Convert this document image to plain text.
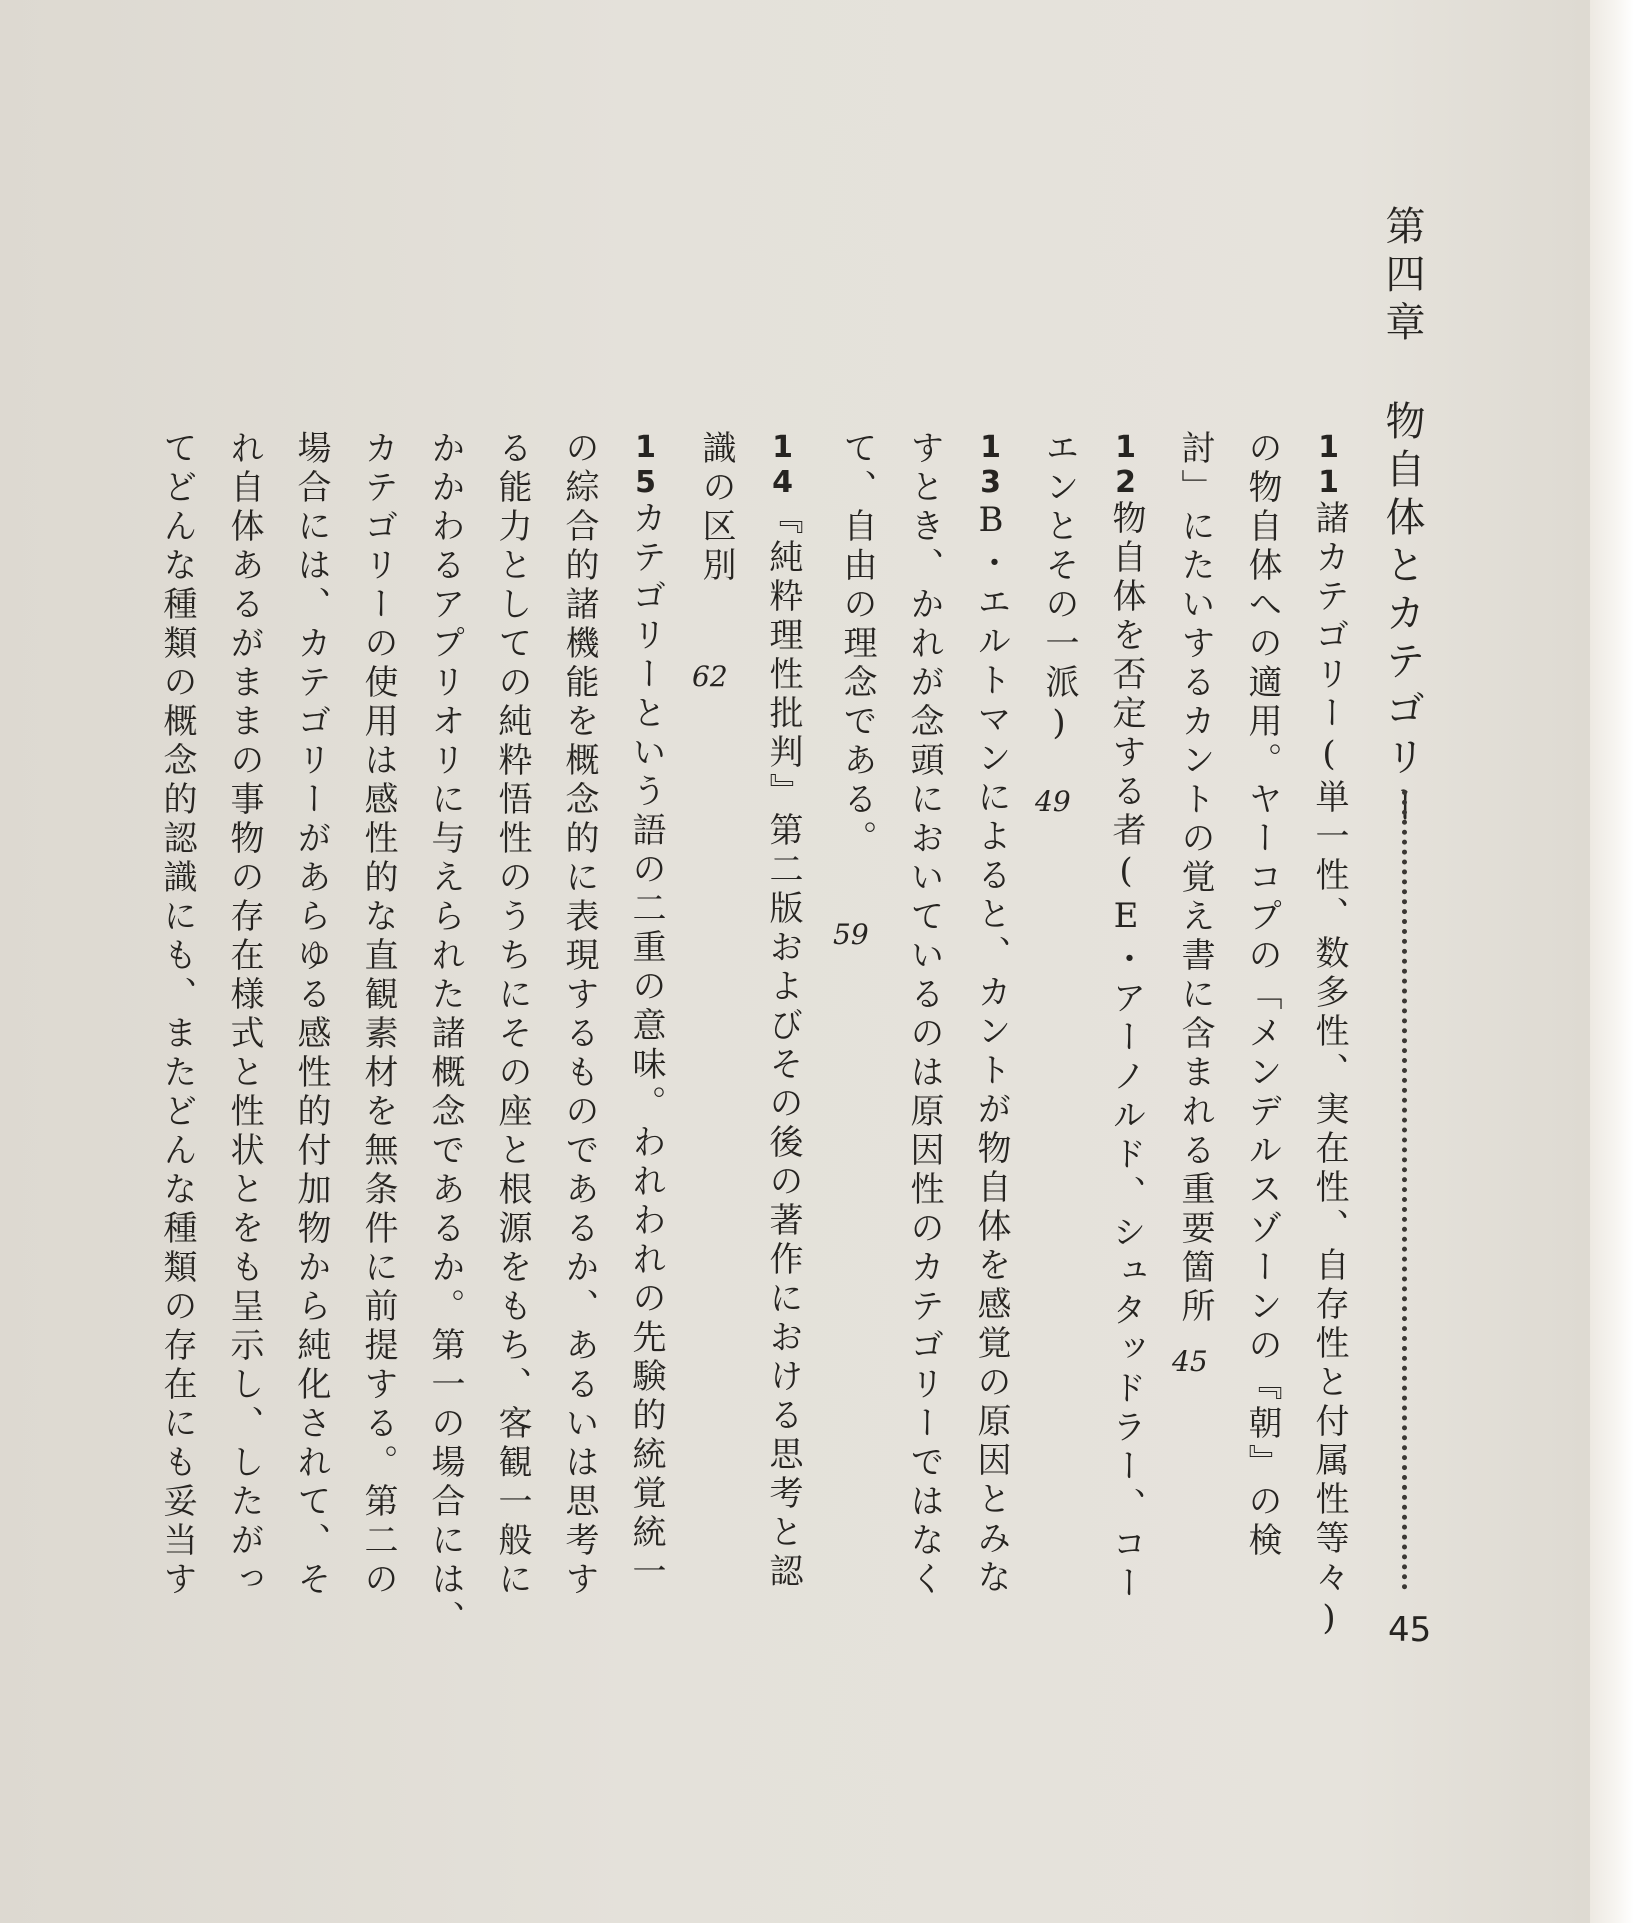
第四章
物自体とカテゴリー
45
11
諸カテゴリー(単一性、数多性、実在性、自存性と付属性等々)
の物自体への適用。ヤーコプの「メンデルスゾーンの『朝』の検
討」にたいするカントの覚え書に含まれる重要箇所
45
12
物自体を否定する者(E・アーノルド、シュタッドラー、コー
エンとその一派)
49
13
B・エルトマンによると、カントが物自体を感覚の原因とみな
すとき、かれが念頭においているのは原因性のカテゴリーではなく
て、自由の理念である。
59
14
『純粋理性批判』第二版およびその後の著作における思考と認
識の区別
62
15
カテゴリーという語の二重の意味。われわれの先験的統覚統一
の綜合的諸機能を概念的に表現するものであるか、あるいは思考す
る能力としての純粋悟性のうちにその座と根源をもち、客観一般に
かかわるアプリオリに与えられた諸概念であるか。第一の場合には、
カテゴリーの使用は感性的な直観素材を無条件に前提する。第二の
場合には、カテゴリーがあらゆる感性的付加物から純化されて、そ
れ自体あるがままの事物の存在様式と性状とをも呈示し、したがっ
てどんな種類の概念的認識にも、またどんな種類の存在にも妥当す
